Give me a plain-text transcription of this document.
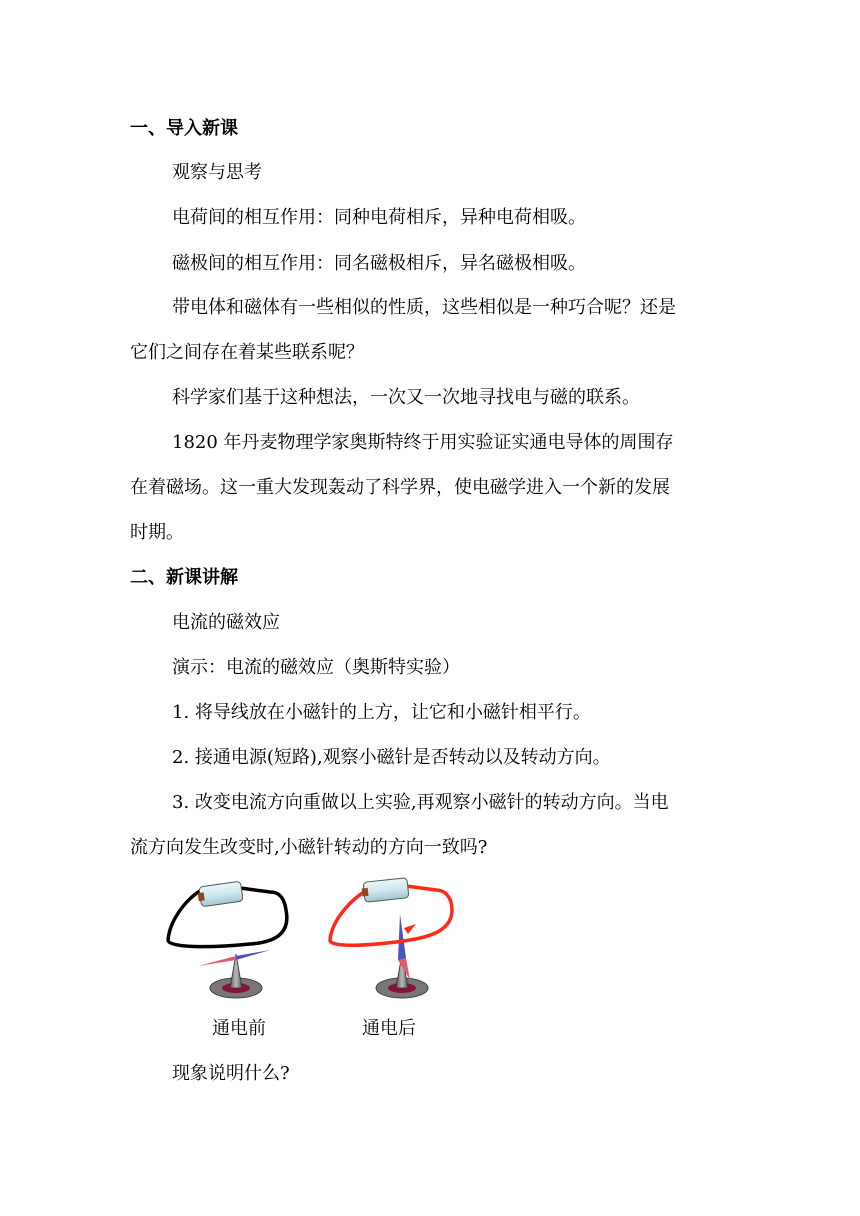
一、导入新课
观察与思考
电荷间的相互作用：同种电荷相斥，异种电荷相吸。
磁极间的相互作用：同名磁极相斥，异名磁极相吸。
带电体和磁体有一些相似的性质，这些相似是一种巧合呢？还是
它们之间存在着某些联系呢？
科学家们基于这种想法，一次又一次地寻找电与磁的联系。
1820 年丹麦物理学家奥斯特终于用实验证实通电导体的周围存
在着磁场。这一重大发现轰动了科学界，使电磁学进入一个新的发展
时期。
二、新课讲解
电流的磁效应
演示：电流的磁效应（奥斯特实验）
1. 将导线放在小磁针的上方，让它和小磁针相平行。
2. 接通电源(短路),观察小磁针是否转动以及转动方向。
3. 改变电流方向重做以上实验,再观察小磁针的转动方向。当电
流方向发生改变时,小磁针转动的方向一致吗?
通电前	通电后
现象说明什么?
